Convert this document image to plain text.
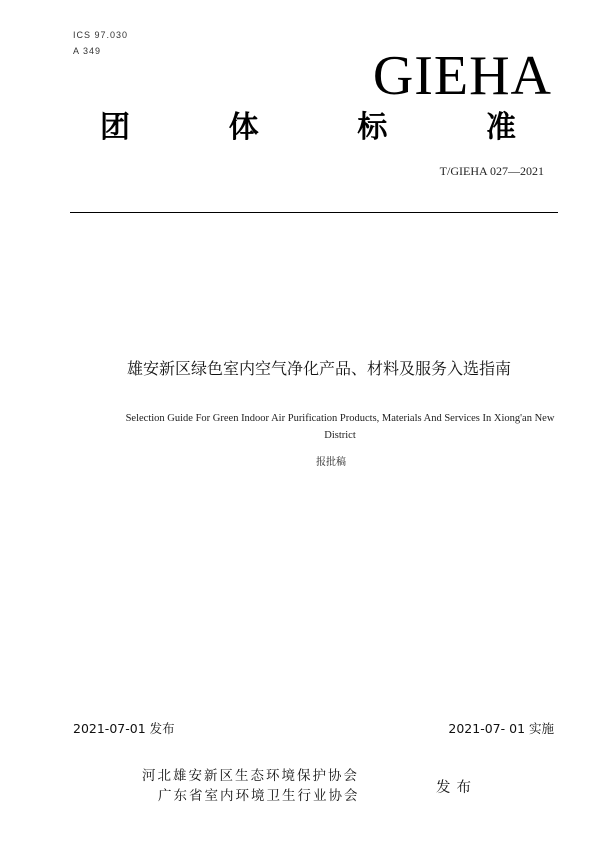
ICS 97.030
A 349	GIEHA
团	体	标	准
T/GIEHA 027—2021
雄安新区绿色室内空气净化产品、材料及服务入选指南
Selection Guide For Green Indoor Air Purification Products, Materials And Services In Xiong'an New
District
报批稿
2021-07-01 发布	2021-07- 01 实施
河北雄安新区生态环境保护协会
广东省室内环境卫生行业协会	发布
